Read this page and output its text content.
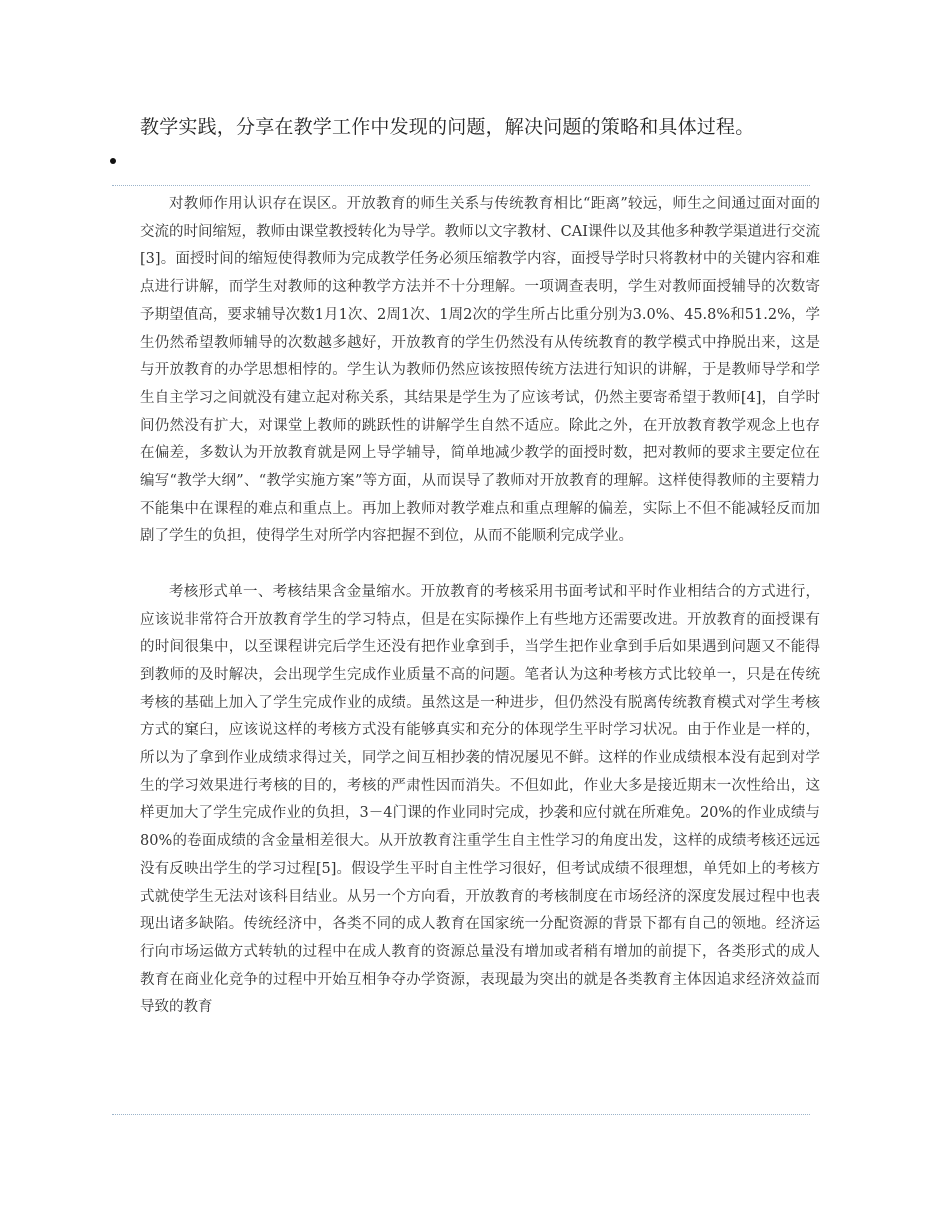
教学实践，分享在教学工作中发现的问题，解决问题的策略和具体过程。

对教师作用认识存在误区。开放教育的师生关系与传统教育相比“距离”较远，师生之间通过面对面的交流的时间缩短，教师由课堂教授转化为导学。教师以文字教材、CAI课件以及其他多种教学渠道进行交流[3]。面授时间的缩短使得教师为完成教学任务必须压缩教学内容，面授导学时只将教材中的关键内容和难点进行讲解，而学生对教师的这种教学方法并不十分理解。一项调查表明，学生对教师面授辅导的次数寄予期望值高，要求辅导次数1月1次、2周1次、1周2次的学生所占比重分别为3.0%、45.8%和51.2%，学生仍然希望教师辅导的次数越多越好，开放教育的学生仍然没有从传统教育的教学模式中挣脱出来，这是与开放教育的办学思想相悖的。学生认为教师仍然应该按照传统方法进行知识的讲解，于是教师导学和学生自主学习之间就没有建立起对称关系，其结果是学生为了应该考试，仍然主要寄希望于教师[4]，自学时间仍然没有扩大，对课堂上教师的跳跃性的讲解学生自然不适应。除此之外，在开放教育教学观念上也存在偏差，多数认为开放教育就是网上导学辅导，简单地减少教学的面授时数，把对教师的要求主要定位在编写“教学大纲”、“教学实施方案”等方面，从而误导了教师对开放教育的理解。这样使得教师的主要精力不能集中在课程的难点和重点上。再加上教师对教学难点和重点理解的偏差，实际上不但不能减轻反而加剧了学生的负担，使得学生对所学内容把握不到位，从而不能顺利完成学业。

考核形式单一、考核结果含金量缩水。开放教育的考核采用书面考试和平时作业相结合的方式进行，应该说非常符合开放教育学生的学习特点，但是在实际操作上有些地方还需要改进。开放教育的面授课有的时间很集中，以至课程讲完后学生还没有把作业拿到手，当学生把作业拿到手后如果遇到问题又不能得到教师的及时解决，会出现学生完成作业质量不高的问题。笔者认为这种考核方式比较单一，只是在传统考核的基础上加入了学生完成作业的成绩。虽然这是一种进步，但仍然没有脱离传统教育模式对学生考核方式的窠臼，应该说这样的考核方式没有能够真实和充分的体现学生平时学习状况。由于作业是一样的，所以为了拿到作业成绩求得过关，同学之间互相抄袭的情况屡见不鲜。这样的作业成绩根本没有起到对学生的学习效果进行考核的目的，考核的严肃性因而消失。不但如此，作业大多是接近期末一次性给出，这样更加大了学生完成作业的负担，3－4门课的作业同时完成，抄袭和应付就在所难免。20%的作业成绩与80%的卷面成绩的含金量相差很大。从开放教育注重学生自主性学习的角度出发，这样的成绩考核还远远没有反映出学生的学习过程[5]。假设学生平时自主性学习很好，但考试成绩不很理想，单凭如上的考核方式就使学生无法对该科目结业。从另一个方向看，开放教育的考核制度在市场经济的深度发展过程中也表现出诸多缺陷。传统经济中，各类不同的成人教育在国家统一分配资源的背景下都有自己的领地。经济运行向市场运做方式转轨的过程中在成人教育的资源总量没有增加或者稍有增加的前提下，各类形式的成人教育在商业化竞争的过程中开始互相争夺办学资源，表现最为突出的就是各类教育主体因追求经济效益而导致的教育
